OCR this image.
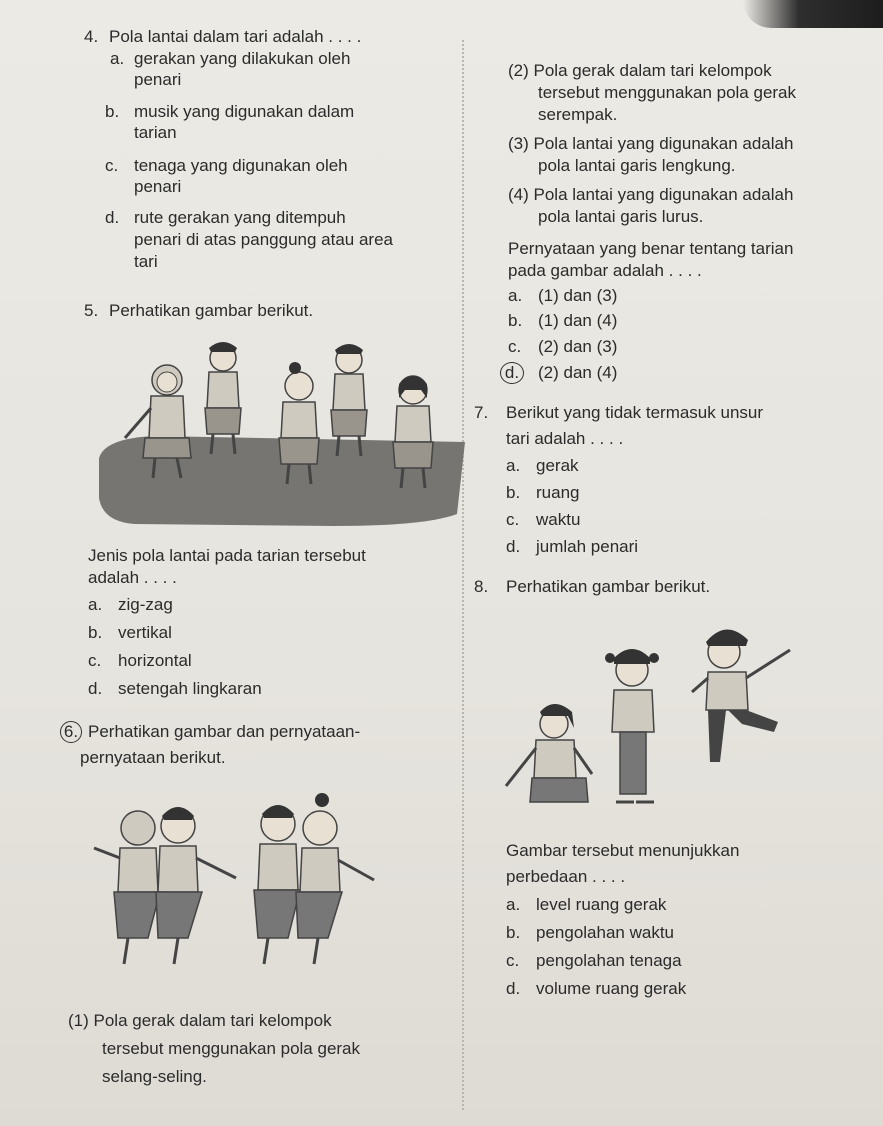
4. Pola lantai dalam tari adalah . . . .
a. gerakan yang dilakukan oleh
penari
b. musik yang digunakan dalam
tarian
c. tenaga yang digunakan oleh
penari
d. rute gerakan yang ditempuh
penari di atas panggung atau area
tari
5. Perhatikan gambar berikut.
Jenis pola lantai pada tarian tersebut
adalah . . . .
a. zig-zag
b. vertikal
c. horizontal
d. setengah lingkaran
6. Perhatikan gambar dan pernyataan-
pernyataan berikut.
(1) Pola gerak dalam tari kelompok
tersebut menggunakan pola gerak
selang-seling.
(2) Pola gerak dalam tari kelompok
tersebut menggunakan pola gerak
serempak.
(3) Pola lantai yang digunakan adalah
pola lantai garis lengkung.
(4) Pola lantai yang digunakan adalah
pola lantai garis lurus.
Pernyataan yang benar tentang tarian
pada gambar adalah . . . .
a. (1) dan (3)
b. (1) dan (4)
c. (2) dan (3)
d. (2) dan (4)
7. Berikut yang tidak termasuk unsur
tari adalah . . . .
a. gerak
b. ruang
c. waktu
d. jumlah penari
8. Perhatikan gambar berikut.
Gambar tersebut menunjukkan
perbedaan . . . .
a. level ruang gerak
b. pengolahan waktu
c. pengolahan tenaga
d. volume ruang gerak
